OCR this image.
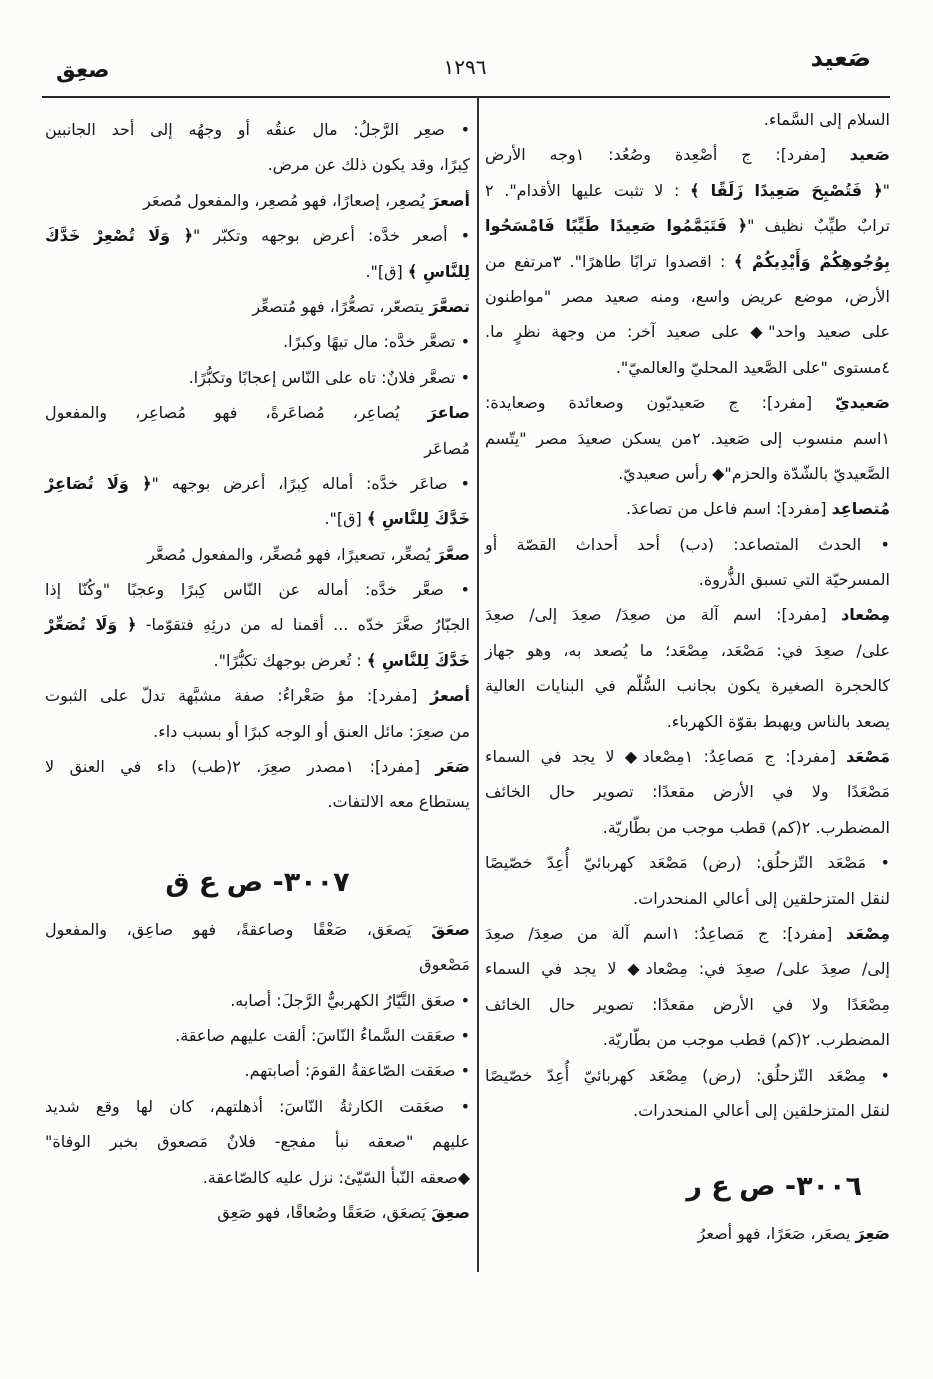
صَعيد
١٢٩٦
صعِق
السلام إلى السَّماء.
صَعيد [مفرد]: ج أصْعِدة وصُعُد: ١وجه الأرض
"﴿ فَتُصْبِحَ صَعِيدًا زَلَقًا ﴾ : لا تثبت عليها الأقدام". ٢
ترابٌ طيِّبٌ نظيف "﴿ فَتَيَمَّمُوا صَعِيدًا طَيِّبًا فَامْسَحُوا
بِوُجُوهِكُمْ وَأَيْدِيكُمْ ﴾ : اقصدوا ترابًا طاهرًا". ٣مرتفع من
الأرض، موضع عريض واسع، ومنه صعيد مصر "مواطنون
على صعيد واحد"◆ على صعيد آخر: من وجهة نظرٍ ما.
٤مستوى "على الصَّعيد المحليّ والعالميّ".
صَعيديّ [مفرد]: ج صَعيديّون وصعائدة وصعايدة:
١اسم منسوب إلى صَعيد. ٢من يسكن صعيدَ مصر "يتّسم
الصَّعيديّ بالشّدّة والحزم"◆ رأس صعيديّ.
مُتصاعِد [مفرد]: اسم فاعل من تصاعدَ.
• الحدث المتصاعد: (دب) أحد أحداث القصّة أو
المسرحيّة التي تسبق الذُّروة.
مِصْعاد [مفرد]: اسم آلة من صعِدَ/ صعِدَ إلى/ صعِدَ
على/ صعِدَ في: مَصْعَد، مِصْعَد؛ ما يُصعد به، وهو جهاز
كالحجرة الصغيرة يكون بجانب السُّلّم في البنايات العالية
يصعد بالناس ويهبط بقوّة الكهرباء.
مَصْعَد [مفرد]: ج مَصاعِدُ: ١مِصْعاد◆ لا يجد في السماء
مَصْعَدًا ولا في الأرض مقعدًا: تصوير حال الخائف
المضطرب. ٢(كم) قطب موجب من بطّاريّة.
• مَصْعَد التّزحلُق: (رض) مَصْعَد كهربائيّ أُعِدّ خصّيصًا
لنقل المتزحلقين إلى أعالي المنحدرات.
مِصْعَد [مفرد]: ج مَصاعِدُ: ١اسم آلة من صعِدَ/ صعِدَ
إلى/ صعِدَ على/ صعِدَ في: مِصْعاد◆ لا يجد في السماء
مِصْعَدًا ولا في الأرض مقعدًا: تصوير حال الخائف
المضطرب. ٢(كم) قطب موجب من بطّاريّة.
• مِصْعَد التّزحلُق: (رض) مِصْعَد كهربائيّ أُعِدّ خصّيصًا
لنقل المتزحلقين إلى أعالي المنحدرات.
٣٠٠٦- ص ع ر
صَعِرَ يصعَر، صَعَرًا، فهو أصعرُ
• صعِر الرَّجلُ: مال عنقُه أو وجهُه إلى أحد الجانبين
كِبرًا، وقد يكون ذلك عن مرض.
أصعرَ يُصعِر، إصعارًا، فهو مُصعِر، والمفعول مُصعَر
• أصعر خدَّه: أعرض بوجهه وتكبّر "﴿ وَلَا تُصْعِرْ خَدَّكَ
لِلنَّاسِ ﴾ [ق]".
تصعَّرَ يتصعّر، تصعُّرًا، فهو مُتصعِّر
• تصعَّر خدَّه: مال تيهًا وكبرًا.
• تصعَّر فلانٌ: تاه على النّاس إعجابًا وتكبُّرًا.
صاعرَ يُصاعِر، مُصاعَرةً، فهو مُصاعِر، والمفعول
مُصاعَر
• صاعَر خدَّه: أماله كِبرًا، أعرض بوجهه "﴿ وَلَا تُصَاعِرْ
خَدَّكَ لِلنَّاسِ ﴾ [ق]".
صعَّرَ يُصعِّر، تصعيرًا، فهو مُصعِّر، والمفعول مُصعَّر
• صعَّر خدَّه: أماله عن النّاس كِبرًا وعجبًا "وكُنّا إذا
الجبّارُ صعَّرَ خدّه ... أقمنا له من درئِهِ فتقوّما- ﴿ وَلَا تُصَعِّرْ
خَدَّكَ لِلنَّاسِ ﴾ : تُعرض بوجهك تكبُّرًا".
أصعرُ [مفرد]: مؤ صَعْراءُ: صفة مشبَّهة تدلّ على الثبوت
من صعِرَ: مائل العنق أو الوجه كبرًا أو بسبب داء.
صَعَر [مفرد]: ١مصدر صعِرَ. ٢(طب) داء في العنق لا
يستطاع معه الالتفات.
٣٠٠٧- ص ع ق
صعَقَ يَصعَق، صَعْقًا وصاعقةً، فهو صاعِق، والمفعول
مَصْعوق
• صعَق التَّيّارُ الكهربيُّ الرَّجلَ: أصابه.
• صعَقت السَّماءُ النّاسَ: ألقت عليهم صاعقة.
• صعَقت الصّاعقةُ القومَ: أصابتهم.
• صعَقت الكارثةُ النّاسَ: أذهلتهم، كان لها وقع شديد
عليهم "صعقه نبأ مفجع- فلانٌ مَصعوق بخبر الوفاة"
◆صعقه النّبأ السّيّئ: نزل عليه كالصّاعقة.
صعِقَ يَصعَق، صَعَقًا وصُعاقًا، فهو صَعِق
